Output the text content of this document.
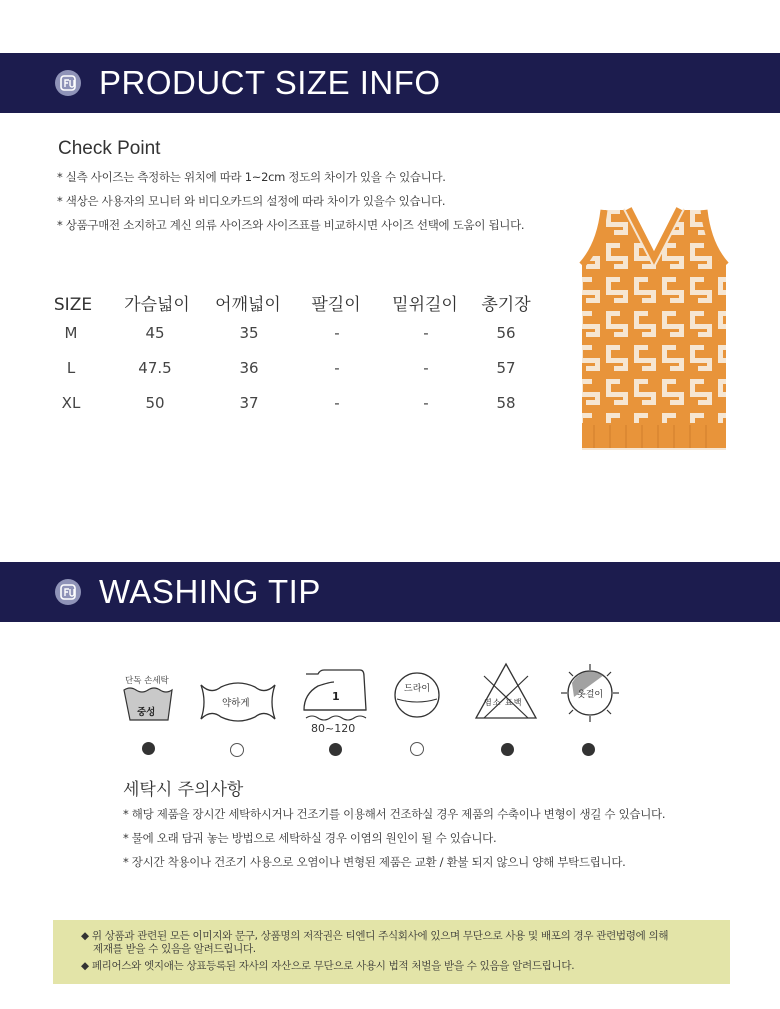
PRODUCT SIZE INFO
Check Point
* 실측 사이즈는 측정하는 위치에 따라 1~2cm 정도의 차이가 있을 수 있습니다.
* 색상은 사용자의 모니터 와 비디오카드의 설정에 따라 차이가 있을수 있습니다.
* 상품구매전 소지하고 계신 의류 사이즈와 사이즈표를 비교하시면 사이즈 선택에 도움이 됩니다.
SIZE	가슴넓이	어깨넓이	팔길이	밑위길이	총기장
M	45	35	-	-	56
L	47.5	36	-	-	57
XL	50	37	-	-	58
WASHING TIP
단독 손세탁
중성
약하게
1
80~120
드라이
염소 표백
옷걸이
세탁시 주의사항
* 해당 제품을 장시간 세탁하시거나 건조기를 이용해서 건조하실 경우 제품의 수축이나 변형이 생길 수 있습니다.
* 물에 오래 담궈 놓는 방법으로 세탁하실 경우 이염의 원인이 될 수 있습니다.
* 장시간 착용이나 건조기 사용으로 오염이나 변형된 제품은 교환 / 환불 되지 않으니 양해 부탁드립니다.

◆ 위 상품과 관련된 모든 이미지와 문구, 상품명의 저작권은 티엔디 주식회사에 있으며 무단으로 사용 및 배포의 경우 관련법령에 의해

제재를 받을 수 있음을 알려드립니다.

◆ 페리어스와 엣지애는 상표등록된 자사의 자산으로 무단으로 사용시 법적 처벌을 받을 수 있음을 알려드립니다.
